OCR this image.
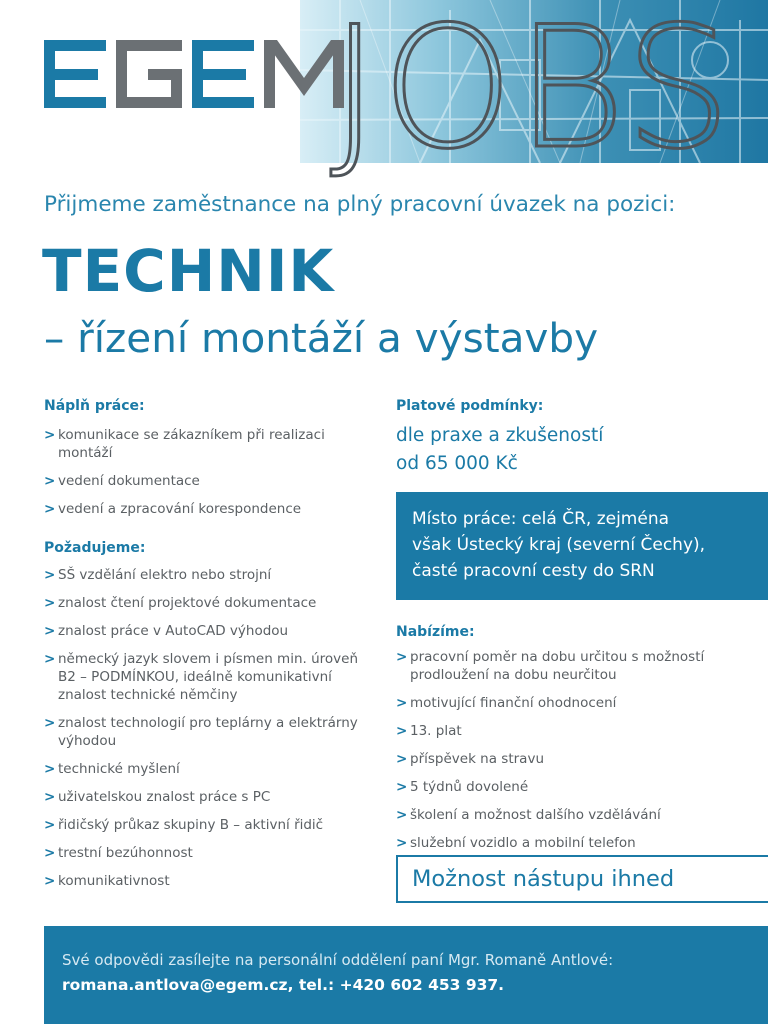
JOBS
Přijmeme zaměstnance na plný pracovní úvazek na pozici:
TECHNIK
– řízení montáží a výstavby
Náplň práce:
> komunikace se zákazníkem při realizaci montáží
> vedení dokumentace
> vedení a zpracování korespondence
Požadujeme:
> SŠ vzdělání elektro nebo strojní
> znalost čtení projektové dokumentace
> znalost práce v AutoCAD výhodou
> německý jazyk slovem i písmen min. úroveň B2 – PODMÍNKOU, ideálně komunikativní znalost technické němčiny
> znalost technologií pro teplárny a elektrárny výhodou
> technické myšlení
> uživatelskou znalost práce s PC
> řidičský průkaz skupiny B – aktivní řidič
> trestní bezúhonnost
> komunikativnost
Platové podmínky:
dle praxe a zkušeností
od 65 000 Kč
Místo práce: celá ČR, zejména
však Ústecký kraj (severní Čechy),
časté pracovní cesty do SRN
Nabízíme:
> pracovní poměr na dobu určitou s možností prodloužení na dobu neurčitou
> motivující finanční ohodnocení
> 13. plat
> příspěvek na stravu
> 5 týdnů dovolené
> školení a možnost dalšího vzdělávání
> služební vozidlo a mobilní telefon
Možnost nástupu ihned
Své odpovědi zasílejte na personální oddělení paní Mgr. Romaně Antlové:
romana.antlova@egem.cz, tel.: +420 602 453 937.
